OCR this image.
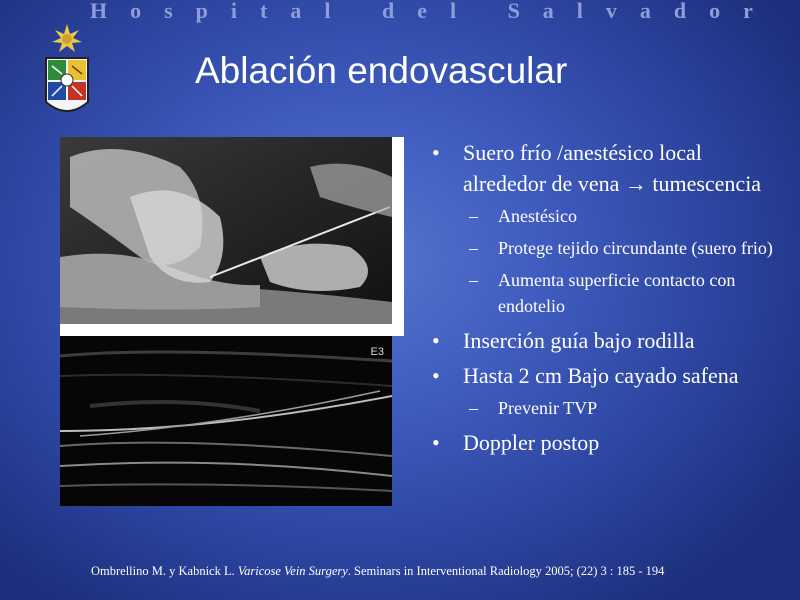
Hospital del Salvador
Ablación endovascular
E3
• Suero frío /anestésico local alrededor de vena → tumescencia
– Anestésico
– Protege tejido circundante (suero frio)
– Aumenta superficie contacto con endotelio
• Inserción guía bajo rodilla
• Hasta 2 cm Bajo cayado safena
– Prevenir TVP
• Doppler postop
Ombrellino M. y Kabnick L. Varicose Vein Surgery. Seminars in Interventional Radiology 2005; (22) 3 : 185 - 194
